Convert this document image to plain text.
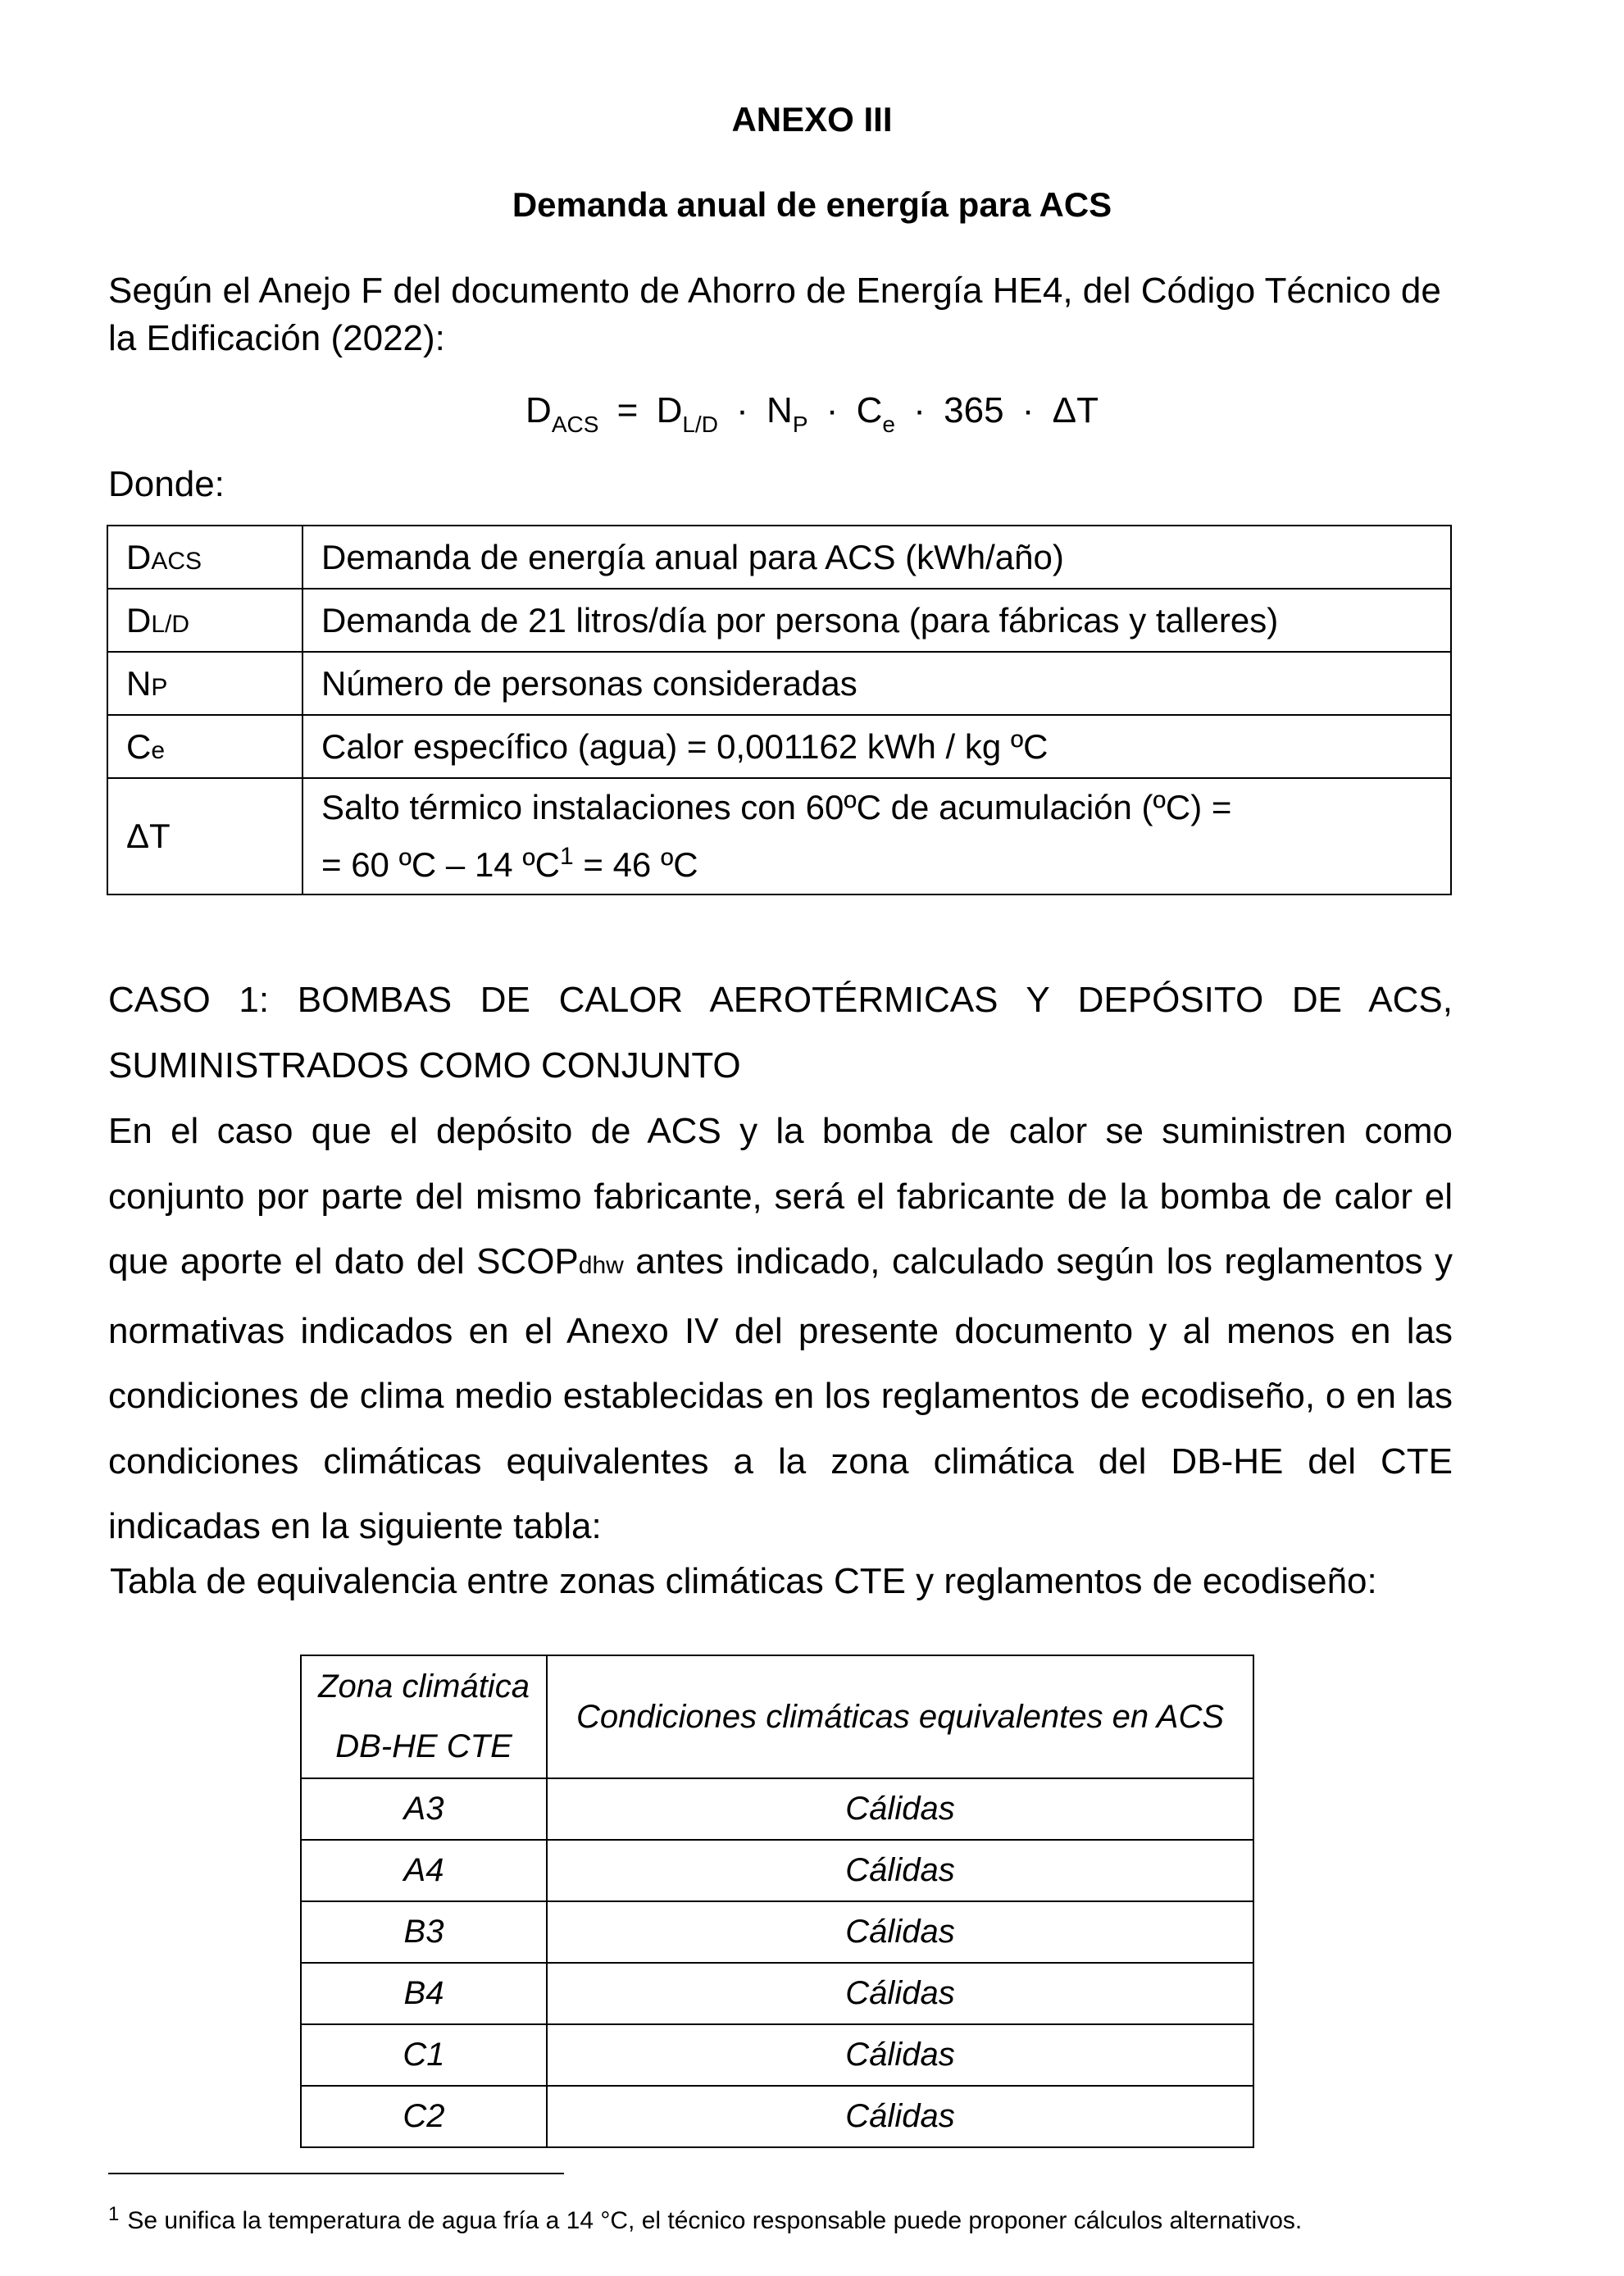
ANEXO III
Demanda anual de energía para ACS
Según el Anejo F del documento de Ahorro de Energía HE4, del Código Técnico de la Edificación (2022):
$D_{ACS} = D_{L/D} \cdot N_P \cdot C_e \cdot 365 \cdot \Delta T$
Donde:
DACS	Demanda de energía anual para ACS (kWh/año)
DL/D	Demanda de 21 litros/día por persona (para fábricas y talleres)
NP	Número de personas consideradas
Ce	Calor específico (agua) = 0,001162 kWh / kg ºC
ΔT	Salto térmico instalaciones con 60ºC de acumulación (ºC) =
= 60 ºC – 14 ºC$^1$ = 46 ºC
CASO 1: BOMBAS DE CALOR AEROTÉRMICAS Y DEPÓSITO DE ACS,
SUMINISTRADOS COMO CONJUNTO
En el caso que el depósito de ACS y la bomba de calor se suministren como conjunto por parte del mismo fabricante, será el fabricante de la bomba de calor el que aporte el dato del SCOPdhw antes indicado, calculado según los reglamentos y normativas indicados en el Anexo IV del presente documento y al menos en las condiciones de clima medio establecidas en los reglamentos de ecodiseño, o en las condiciones climáticas equivalentes a la zona climática del DB-HE del CTE indicadas en la siguiente tabla:
Tabla de equivalencia entre zonas climáticas CTE y reglamentos de ecodiseño:
Zona climática
DB-HE CTE	Condiciones climáticas equivalentes en ACS
A3	Cálidas
A4	Cálidas
B3	Cálidas
B4	Cálidas
C1	Cálidas
C2	Cálidas
$^1$ Se unifica la temperatura de agua fría a 14 °C, el técnico responsable puede proponer cálculos alternativos.
